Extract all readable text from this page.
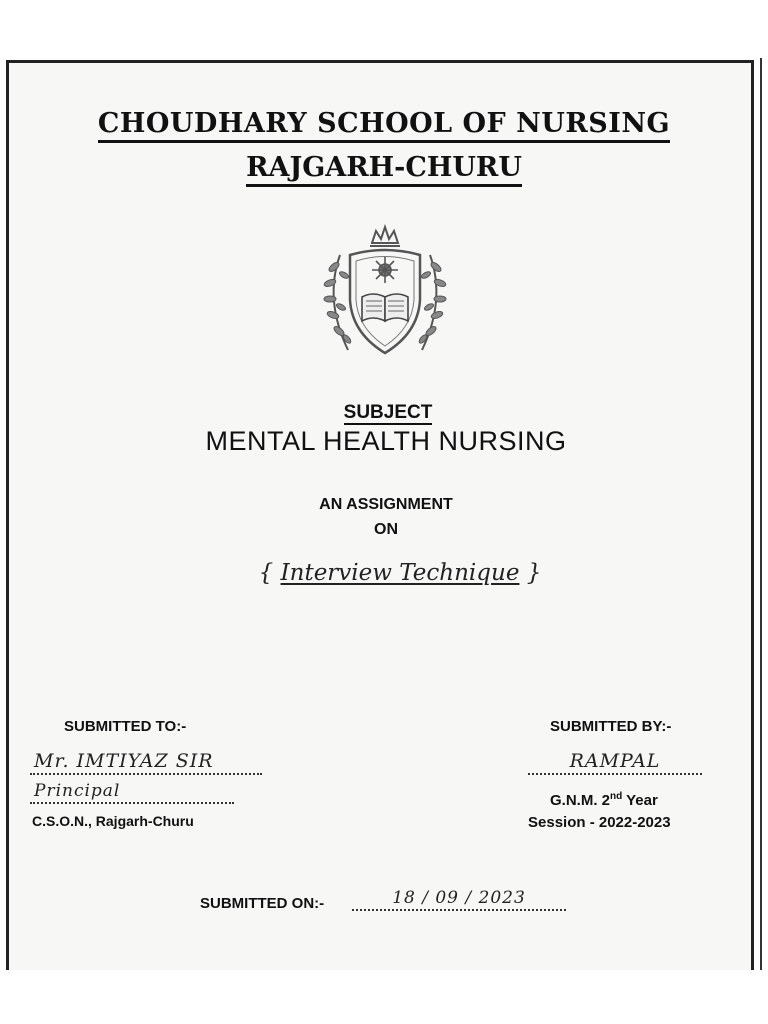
CHOUDHARY SCHOOL OF NURSING
RAJGARH-CHURU
SUBJECT
MENTAL HEALTH NURSING
AN ASSIGNMENT
ON
{ Interview Technique }
SUBMITTED TO:-
Mr. IMTIYAZ SIR
Principal
C.S.O.N., Rajgarh-Churu
SUBMITTED BY:-
RAMPAL
G.N.M. 2nd Year
Session - 2022-2023
SUBMITTED ON:-	18 / 09 / 2023
